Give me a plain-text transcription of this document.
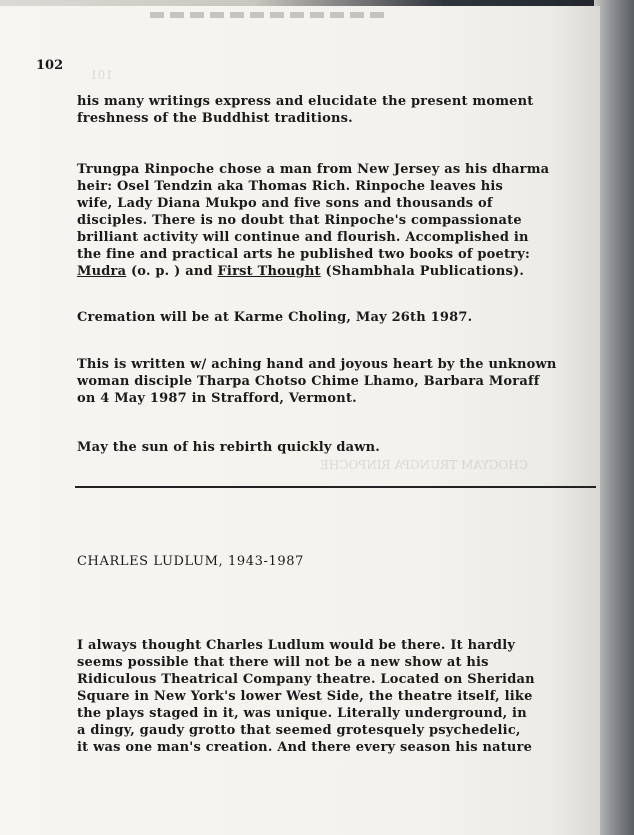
101
CHOGYAM TRUNGPA RINPOCHE
102
his many writings express and elucidate the present moment
freshness of the Buddhist traditions.
Trungpa Rinpoche chose a man from New Jersey as his dharma
heir: Osel Tendzin aka Thomas Rich. Rinpoche leaves his
wife, Lady Diana Mukpo and five sons and thousands of
disciples. There is no doubt that Rinpoche's compassionate
brilliant activity will continue and flourish. Accomplished in
the fine and practical arts he published two books of poetry:
Mudra (o. p. ) and First Thought (Shambhala Publications).
Cremation will be at Karme Choling, May 26th 1987.
This is written w/ aching hand and joyous heart by the unknown
woman disciple Tharpa Chotso Chime Lhamo, Barbara Moraff
on 4 May 1987 in Strafford, Vermont.
May the sun of his rebirth quickly dawn.
CHARLES LUDLUM, 1943-1987
I always thought Charles Ludlum would be there. It hardly
seems possible that there will not be a new show at his
Ridiculous Theatrical Company theatre. Located on Sheridan
Square in New York's lower West Side, the theatre itself, like
the plays staged in it, was unique. Literally underground, in
a dingy, gaudy grotto that seemed grotesquely psychedelic,
it was one man's creation. And there every season his nature
